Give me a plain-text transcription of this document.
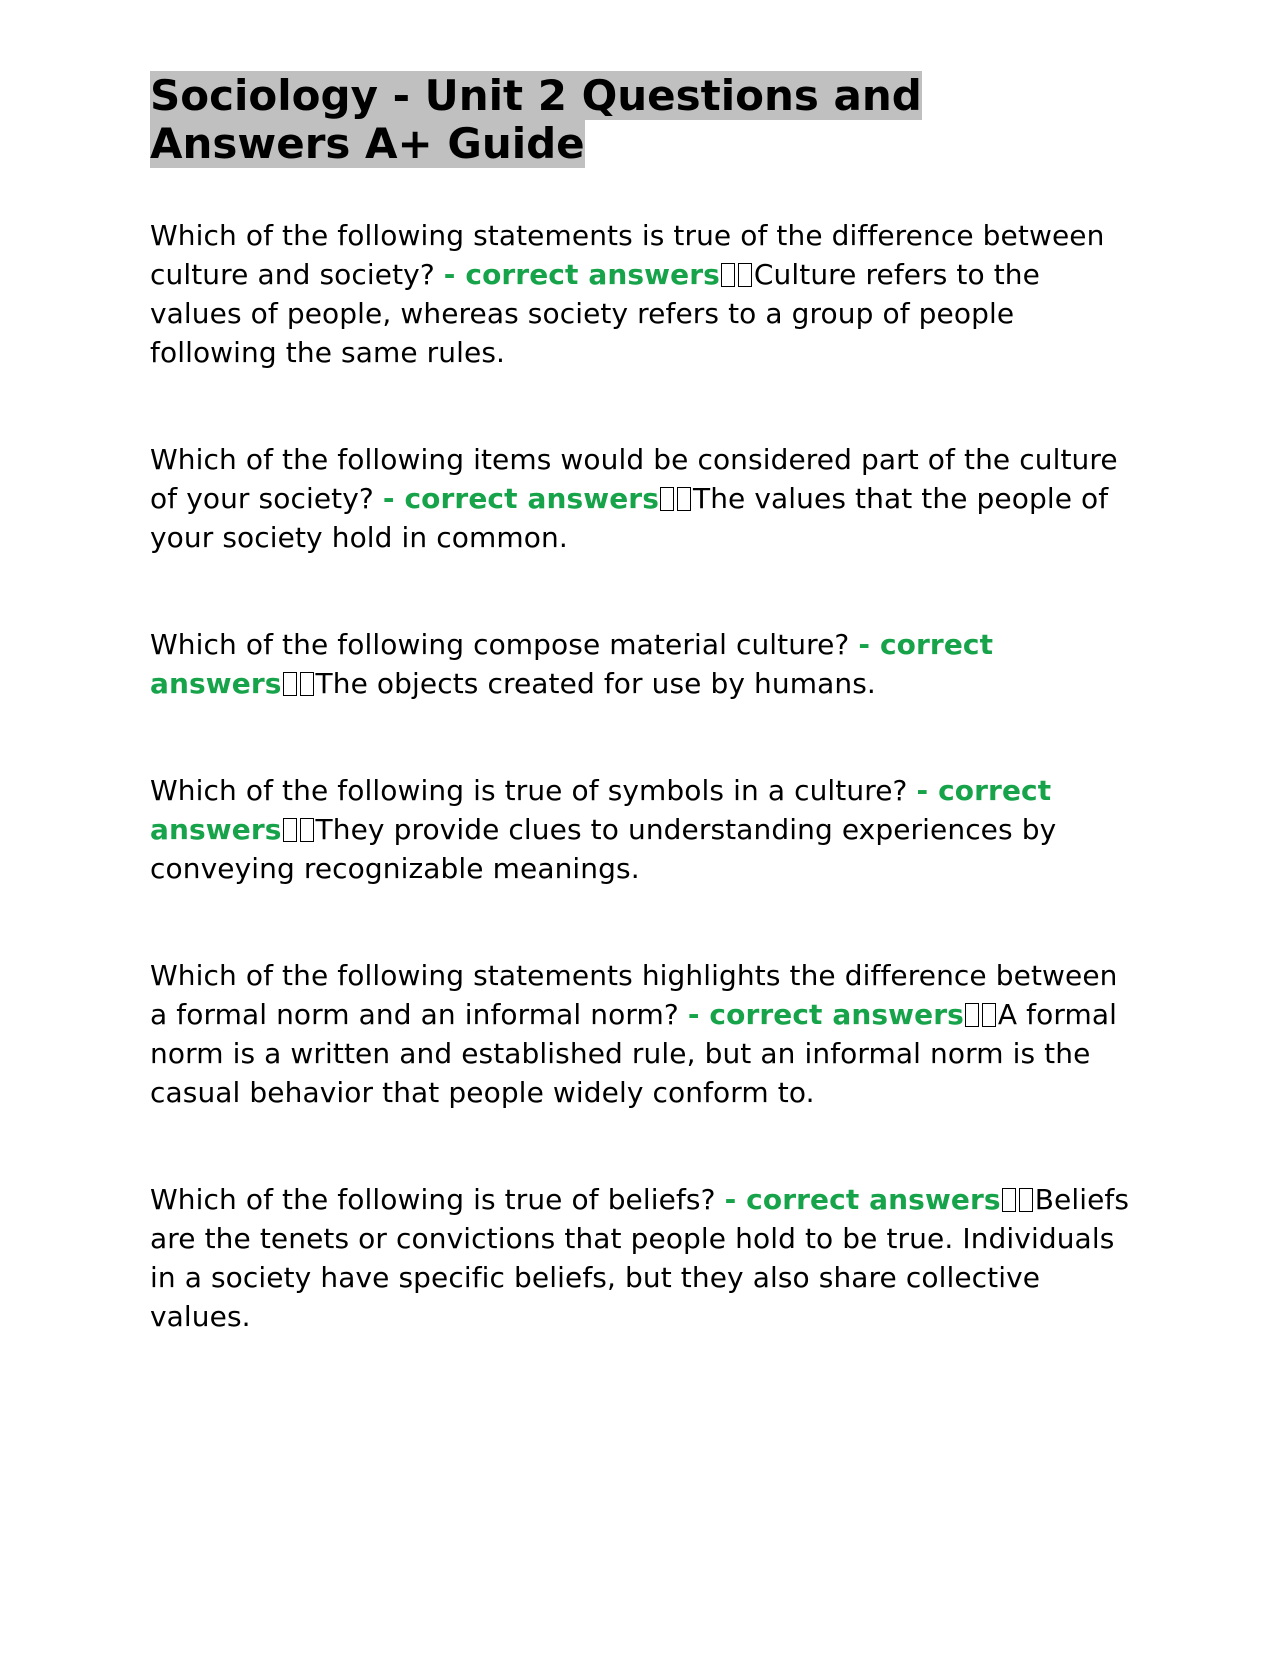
Sociology - Unit 2 Questions and Answers A+ Guide

Which of the following statements is true of the difference between culture and society? - correct answers Culture refers to the values of people, whereas society refers to a group of people following the same rules.

Which of the following items would be considered part of the culture of your society? - correct answers The values that the people of your society hold in common.

Which of the following compose material culture? - correct answers The objects created for use by humans.

Which of the following is true of symbols in a culture? - correct answers They provide clues to understanding experiences by conveying recognizable meanings.

Which of the following statements highlights the difference between a formal norm and an informal norm? - correct answers A formal norm is a written and established rule, but an informal norm is the casual behavior that people widely conform to.

Which of the following is true of beliefs? - correct answers Beliefs are the tenets or convictions that people hold to be true. Individuals in a society have specific beliefs, but they also share collective values.
